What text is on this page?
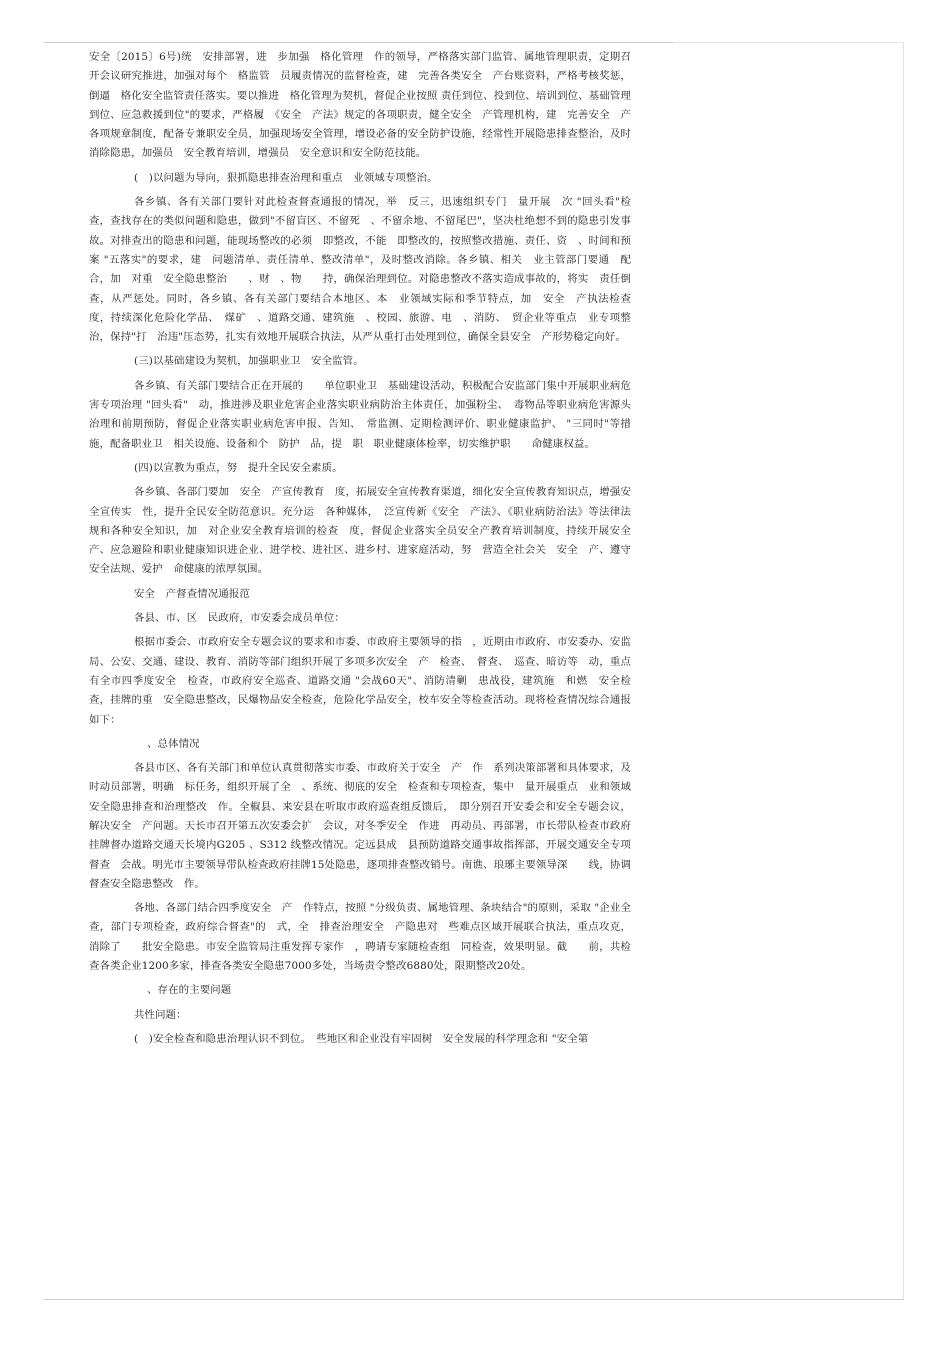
安全〔2015〕6号)统　安排部署，进　步加强　格化管理　作的领导，严格落实部门监管、属地管理职责，定期召开会议研究推进，加强对每个　格监管　员履责情况的监督检查，建　完善各类安全　产台账资料，严格考核奖惩，倒逼　格化安全监管责任落实。要以推进　格化管理为契机，督促企业按照 责任到位、投到位、培训到位、基础管理到位、应急救援到位"的要求，严格履　《安全　产法》规定的各项职责，健全安全　产管理机构，建　完善安全　产各项规章制度，配备专兼职安全员，加强现场安全管理，增设必备的安全防护设施，经常性开展隐患排查整治，及时消除隐患，加强员　安全教育培训，增强员　安全意识和安全防范技能。

(　)以问题为导向，狠抓隐患排查治理和重点　业领域专项整治。

各乡镇、各有关部门要针对此检查督查通报的情况，举　反三，迅速组织专门　量开展　次 "回头看"检查，查找存在的类似问题和隐患，做到"不留盲区、不留死　、不留余地、不留尾巴"，坚决杜绝想不到的隐患引发事故。对排查出的隐患和问题，能现场整改的必须　即整改，不能　即整改的，按照整改措施、责任、资　、时间和预案 "五落实"的要求，建　问题清单、责任清单、整改清单"，及时整改消除。各乡镇、相关　业主管部门要通　配合，加　对重　安全隐患整治　　、财　、物　　持，确保治理到位。对隐患整改不落实造成事故的，将实　责任倒查，从严惩处。同时，各乡镇、各有关部门要结合本地区、本　业领域实际和季节特点，加　安全　产执法检查　度，持续深化危险化学品、　煤矿　、道路交通、建筑施　、校园、旅游、电　、消防、　贸企业等重点　业专项整治，保持"打　治违"压态势，扎实有效地开展联合执法，从严从重打击处理到位，确保全县安全　产形势稳定向好。

(三)以基础建设为契机，加强职业卫　安全监管。

各乡镇、有关部门要结合正在开展的　　单位职业卫　基础建设活动，积极配合安监部门集中开展职业病危害专项治理 "回头看"　动，推进涉及职业危害企业落实职业病防治主体责任，加强粉尘、　毒物品等职业病危害源头治理和前期预防，督促企业落实职业病危害申报、告知、　常监测、定期检测评价、职业健康监护、 "三同时"等措施，配备职业卫　相关设施、设备和个　防护　品，提　职　职业健康体检率，切实维护职　　命健康权益。

(四)以宣教为重点，努　提升全民安全素质。

各乡镇、各部门要加　安全　产宣传教育　度，拓展安全宣传教育渠道，细化安全宣传教育知识点，增强安全宣传实　性，提升全民安全防范意识。充分运　各种媒体，　泛宣传新《安全　产法》、《职业病防治法》等法律法规和各种安全知识，加　对企业安全教育培训的检查　度，督促企业落实全员安全产教育培训制度，持续开展安全　产、应急避险和职业健康知识进企业、进学校、进社区、进乡村、进家庭活动，努　营造全社会关　安全　产、遵守安全法规、爱护　命健康的浓厚氛围。

安全　产督查情况通报范

各县、市、区　民政府，市安委会成员单位：

根据市委会、市政府安全专题会议的要求和市委、市政府主要领导的指　，近期由市政府、市安委办、安监局、公安、交通、建设、教育、消防等部门组织开展了多项多次安全　产　检查、　督查、　巡查、暗访等　动，重点有全市四季度安全　检查，市政府安全巡查、道路交通 "会战60天"、消防清剿　患战役，建筑施　和燃　安全检查，挂牌的重　安全隐患整改，民爆物品安全检查，危险化学品安全，校车安全等检查活动。现将检查情况综合通报如下：

、总体情况

各县市区、各有关部门和单位认真贯彻落实市委、市政府关于安全　产　作　系列决策部署和具体要求，及时动员部署，明确　标任务，组织开展了全　、系统、彻底的安全　检查和专项检查，集中　量开展重点　业和领域安全隐患排查和治理整改　作。全椒县、来安县在听取市政府巡查组反馈后，　即分别召开安委会和安全专题会议，解决安全　产问题。天长市召开第五次安委会扩　会议，对冬季安全　作进　再动员、再部署，市长带队检查市政府挂牌督办道路交通天长境内G205 、S312 线整改情况。定远县成　县预防道路交通事故指挥部，开展交通安全专项督查　会战。明光市主要领导带队检查政府挂牌15处隐患，逐项排查整改销号。南谯、琅琊主要领导深　　线，协调督查安全隐患整改　作。

各地、各部门结合四季度安全　产　作特点，按照 "分级负责、属地管理、条块结合"的原则，采取 "企业全　　查，部门专项检查，政府综合督查"的　式，全　排查治理安全　产隐患对　些难点区域开展联合执法，重点攻克，消除了　　批安全隐患。市安全监管局注重发挥专家作　，聘请专家随检查组　同检查，效果明显。截　　前，共检查各类企业1200多家，排查各类安全隐患7000多处，当场责令整改6880处，限期整改20处。

、存在的主要问题

共性问题：

(　)安全检查和隐患治理认识不到位。　些地区和企业没有牢固树　安全发展的科学理念和 "安全第
